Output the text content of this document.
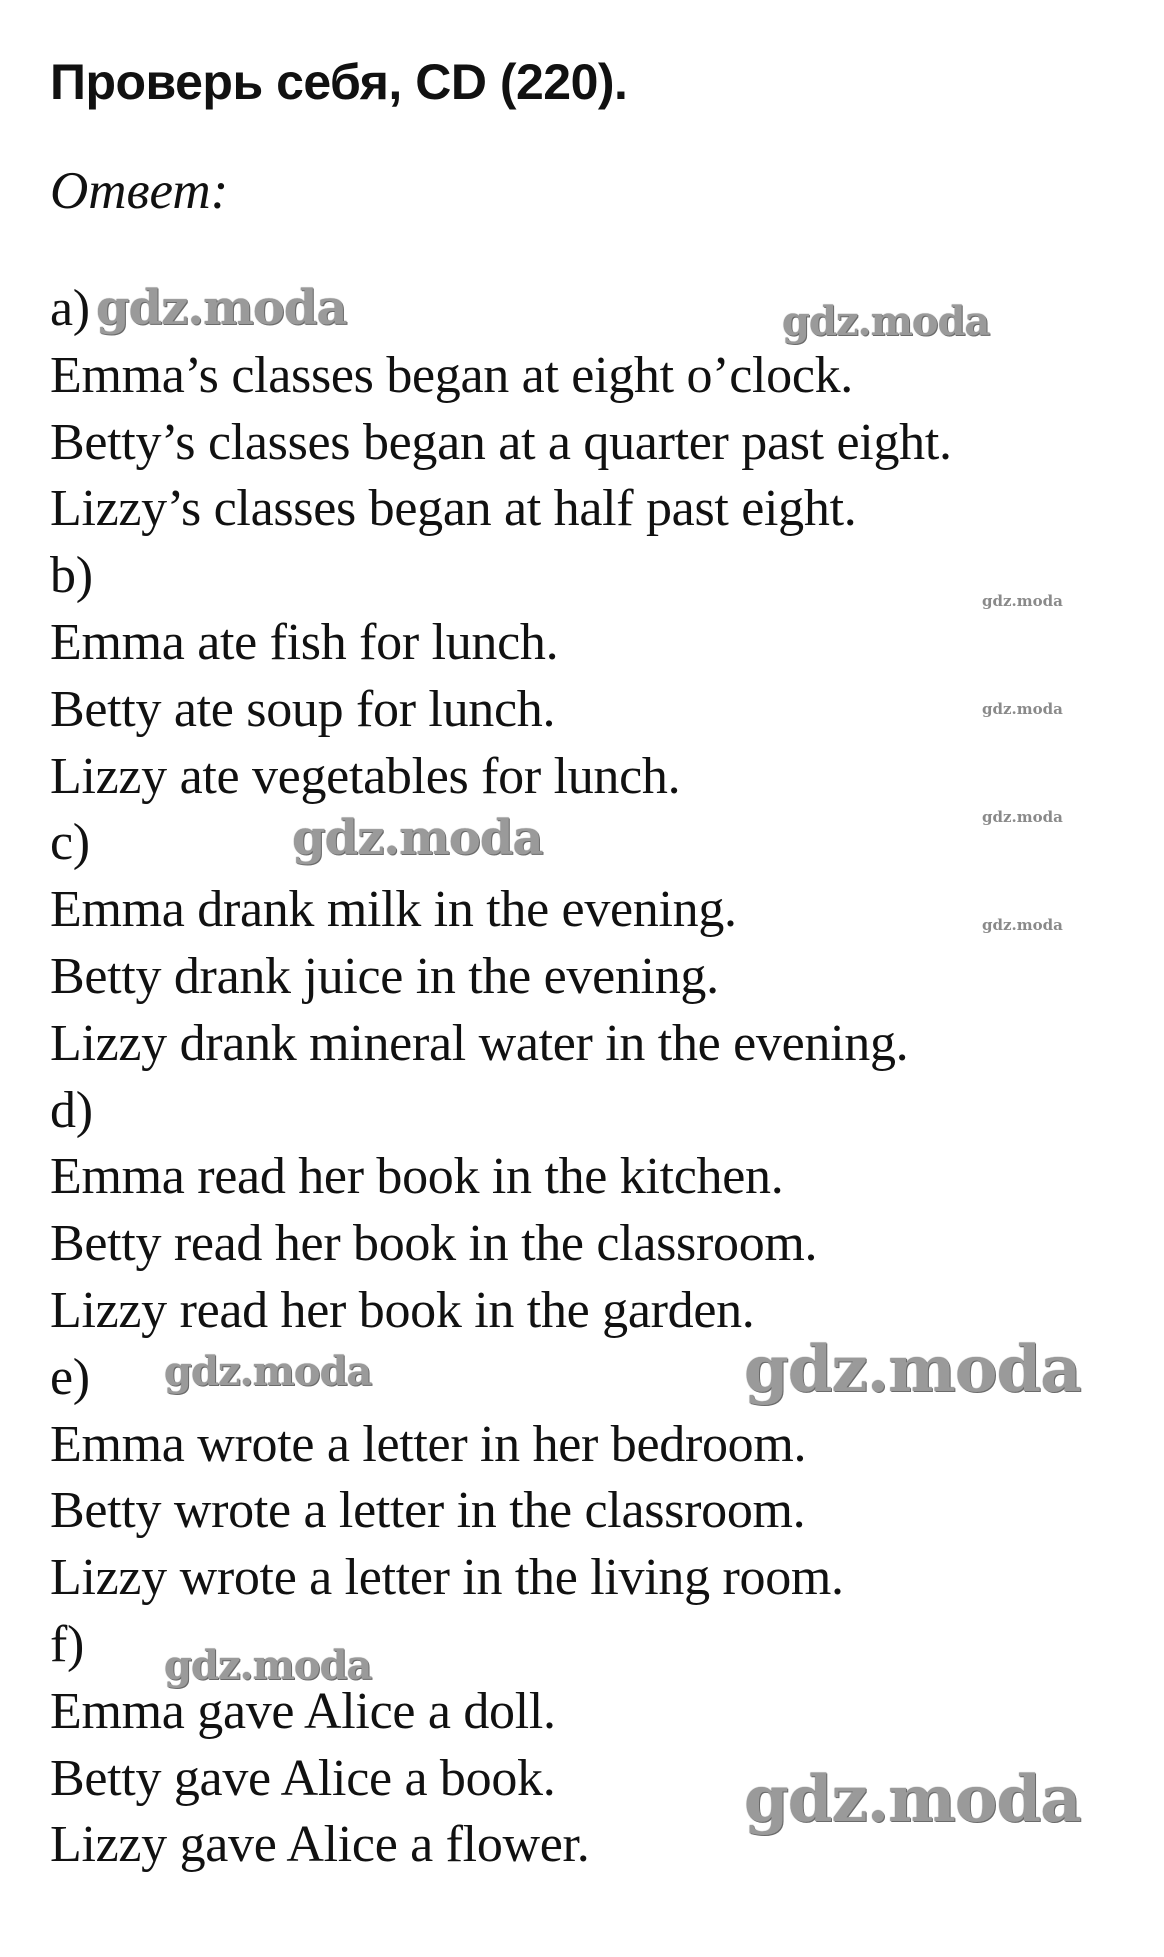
Проверь себя, CD (220).
Ответ:
a)
Emma’s classes began at eight o’clock.
Betty’s classes began at a quarter past eight.
Lizzy’s classes began at half past eight.
b)
Emma ate fish for lunch.
Betty ate soup for lunch.
Lizzy ate vegetables for lunch.
c)
Emma drank milk in the evening.
Betty drank juice in the evening.
Lizzy drank mineral water in the evening.
d)
Emma read her book in the kitchen.
Betty read her book in the classroom.
Lizzy read her book in the garden.
e)
Emma wrote a letter in her bedroom.
Betty wrote a letter in the classroom.
Lizzy wrote a letter in the living room.
f)
Emma gave Alice a doll.
Betty gave Alice a book.
Lizzy gave Alice a flower.
gdz.moda	gdz.moda
gdz.moda
gdz.moda
gdz.moda
gdz.moda
gdz.moda
gdz.moda	gdz.moda
gdz.moda
gdz.moda
